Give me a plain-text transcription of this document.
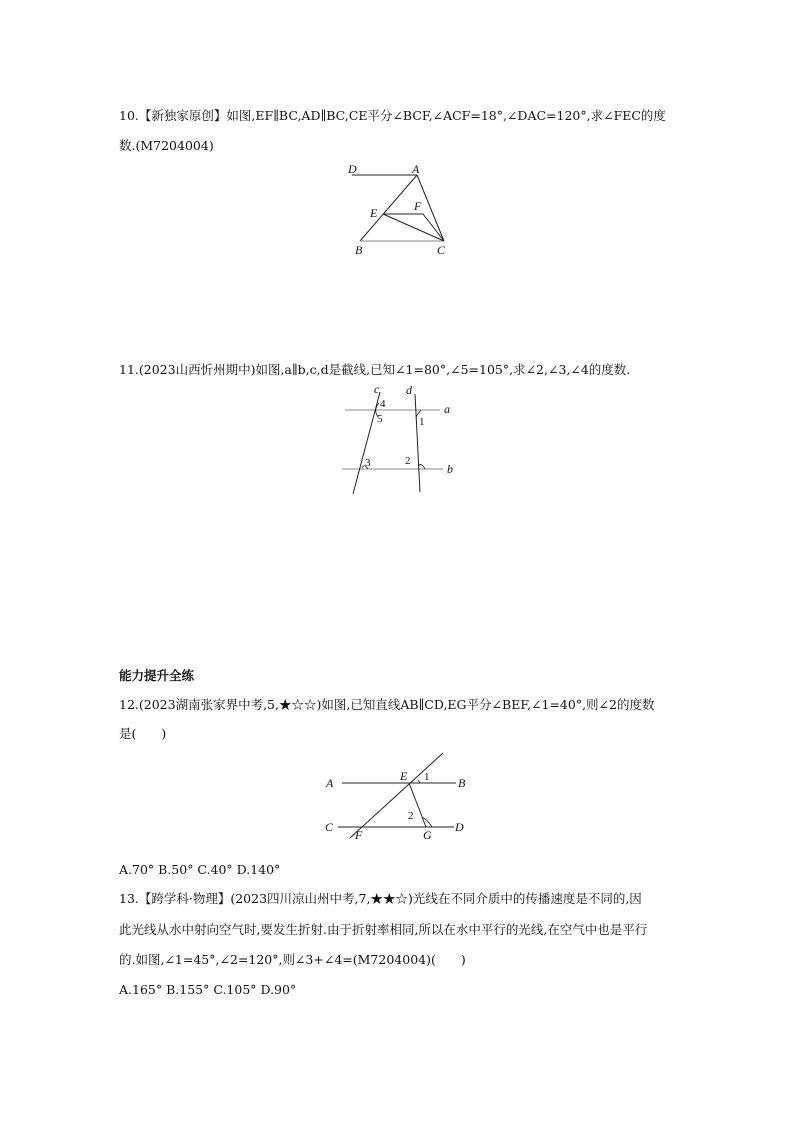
10.【新独家原创】如图,EF∥BC,AD∥BC,CE平分∠BCF,∠ACF=18°,∠DAC=120°,求∠FEC的度
数.(M7204004)
D	A
E	F
B	C
11.(2023山西忻州期中)如图,a∥b,c,d是截线,已知∠1=80°,∠5=105°,求∠2,∠3,∠4的度数.
c d
a
b
4
5	1
3	2
能力提升全练
12.(2023湖南张家界中考,5,★☆☆)如图,已知直线AB∥CD,EG平分∠BEF,∠1=40°,则∠2的度数
是(　　)
A	E 1 B
C
2
F	G
D
A.70° B.50° C.40° D.140°
13.【跨学科·物理】(2023四川凉山州中考,7,★★☆)光线在不同介质中的传播速度是不同的,因
此光线从水中射向空气时,要发生折射.由于折射率相同,所以在水中平行的光线,在空气中也是平行
的.如图,∠1=45°,∠2=120°,则∠3+∠4=(M7204004)(　　)
A.165° B.155° C.105° D.90°
